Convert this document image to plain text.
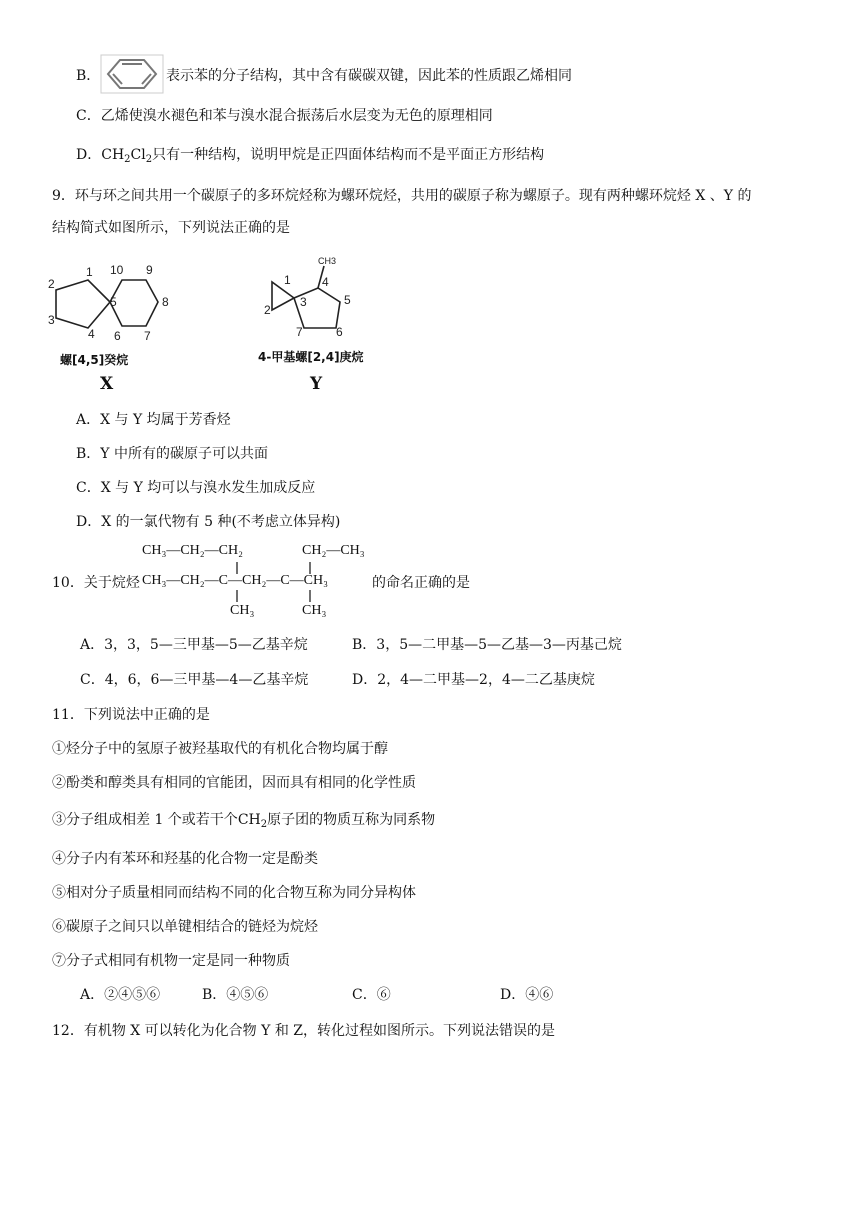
B．	表示苯的分子结构，其中含有碳碳双键，因此苯的性质跟乙烯相同
C．乙烯使溴水褪色和苯与溴水混合振荡后水层变为无色的原理相同
D．$CH_2Cl_2$只有一种结构，说明甲烷是正四面体结构而不是平面正方形结构
9．环与环之间共用一个碳原子的多环烷烃称为螺环烷烃，共用的碳原子称为螺原子。现有两种螺环烷烃 X 、Y 的
结构简式如图所示，下列说法正确的是
1
2
3
4
5
6 7
8
9
10
螺[4,5]癸烷
X
CH3
1
2
3
4
5
6
7
4-甲基螺[2,4]庚烷
Y
A．X 与 Y 均属于芳香烃
B．Y 中所有的碳原子可以共面
C．X 与 Y 均可以与溴水发生加成反应
D．X 的一氯代物有 5 种(不考虑立体异构)
CH₃—CH₂—CH₂	CH₂—CH₃
10．关于烷烃 CH₃—CH₂—C—CH₂—C—CH₃	的命名正确的是
CH₃	CH₃
A．3，3，5—三甲基—5—乙基辛烷	B．3，5—二甲基—5—乙基—3—丙基己烷
C．4，6，6—三甲基—4—乙基辛烷	D．2，4—二甲基—2，4—二乙基庚烷
11．下列说法中正确的是
①烃分子中的氢原子被羟基取代的有机化合物均属于醇
②酚类和醇类具有相同的官能团，因而具有相同的化学性质
③分子组成相差 1 个或若干个$CH_2$原子团的物质互称为同系物
④分子内有苯环和羟基的化合物一定是酚类
⑤相对分子质量相同而结构不同的化合物互称为同分异构体
⑥碳原子之间只以单键相结合的链烃为烷烃
⑦分子式相同有机物一定是同一种物质
A．②④⑤⑥	B．④⑤⑥	C．⑥	D．④⑥
12．有机物 X 可以转化为化合物 Y 和 Z，转化过程如图所示。下列说法错误的是
